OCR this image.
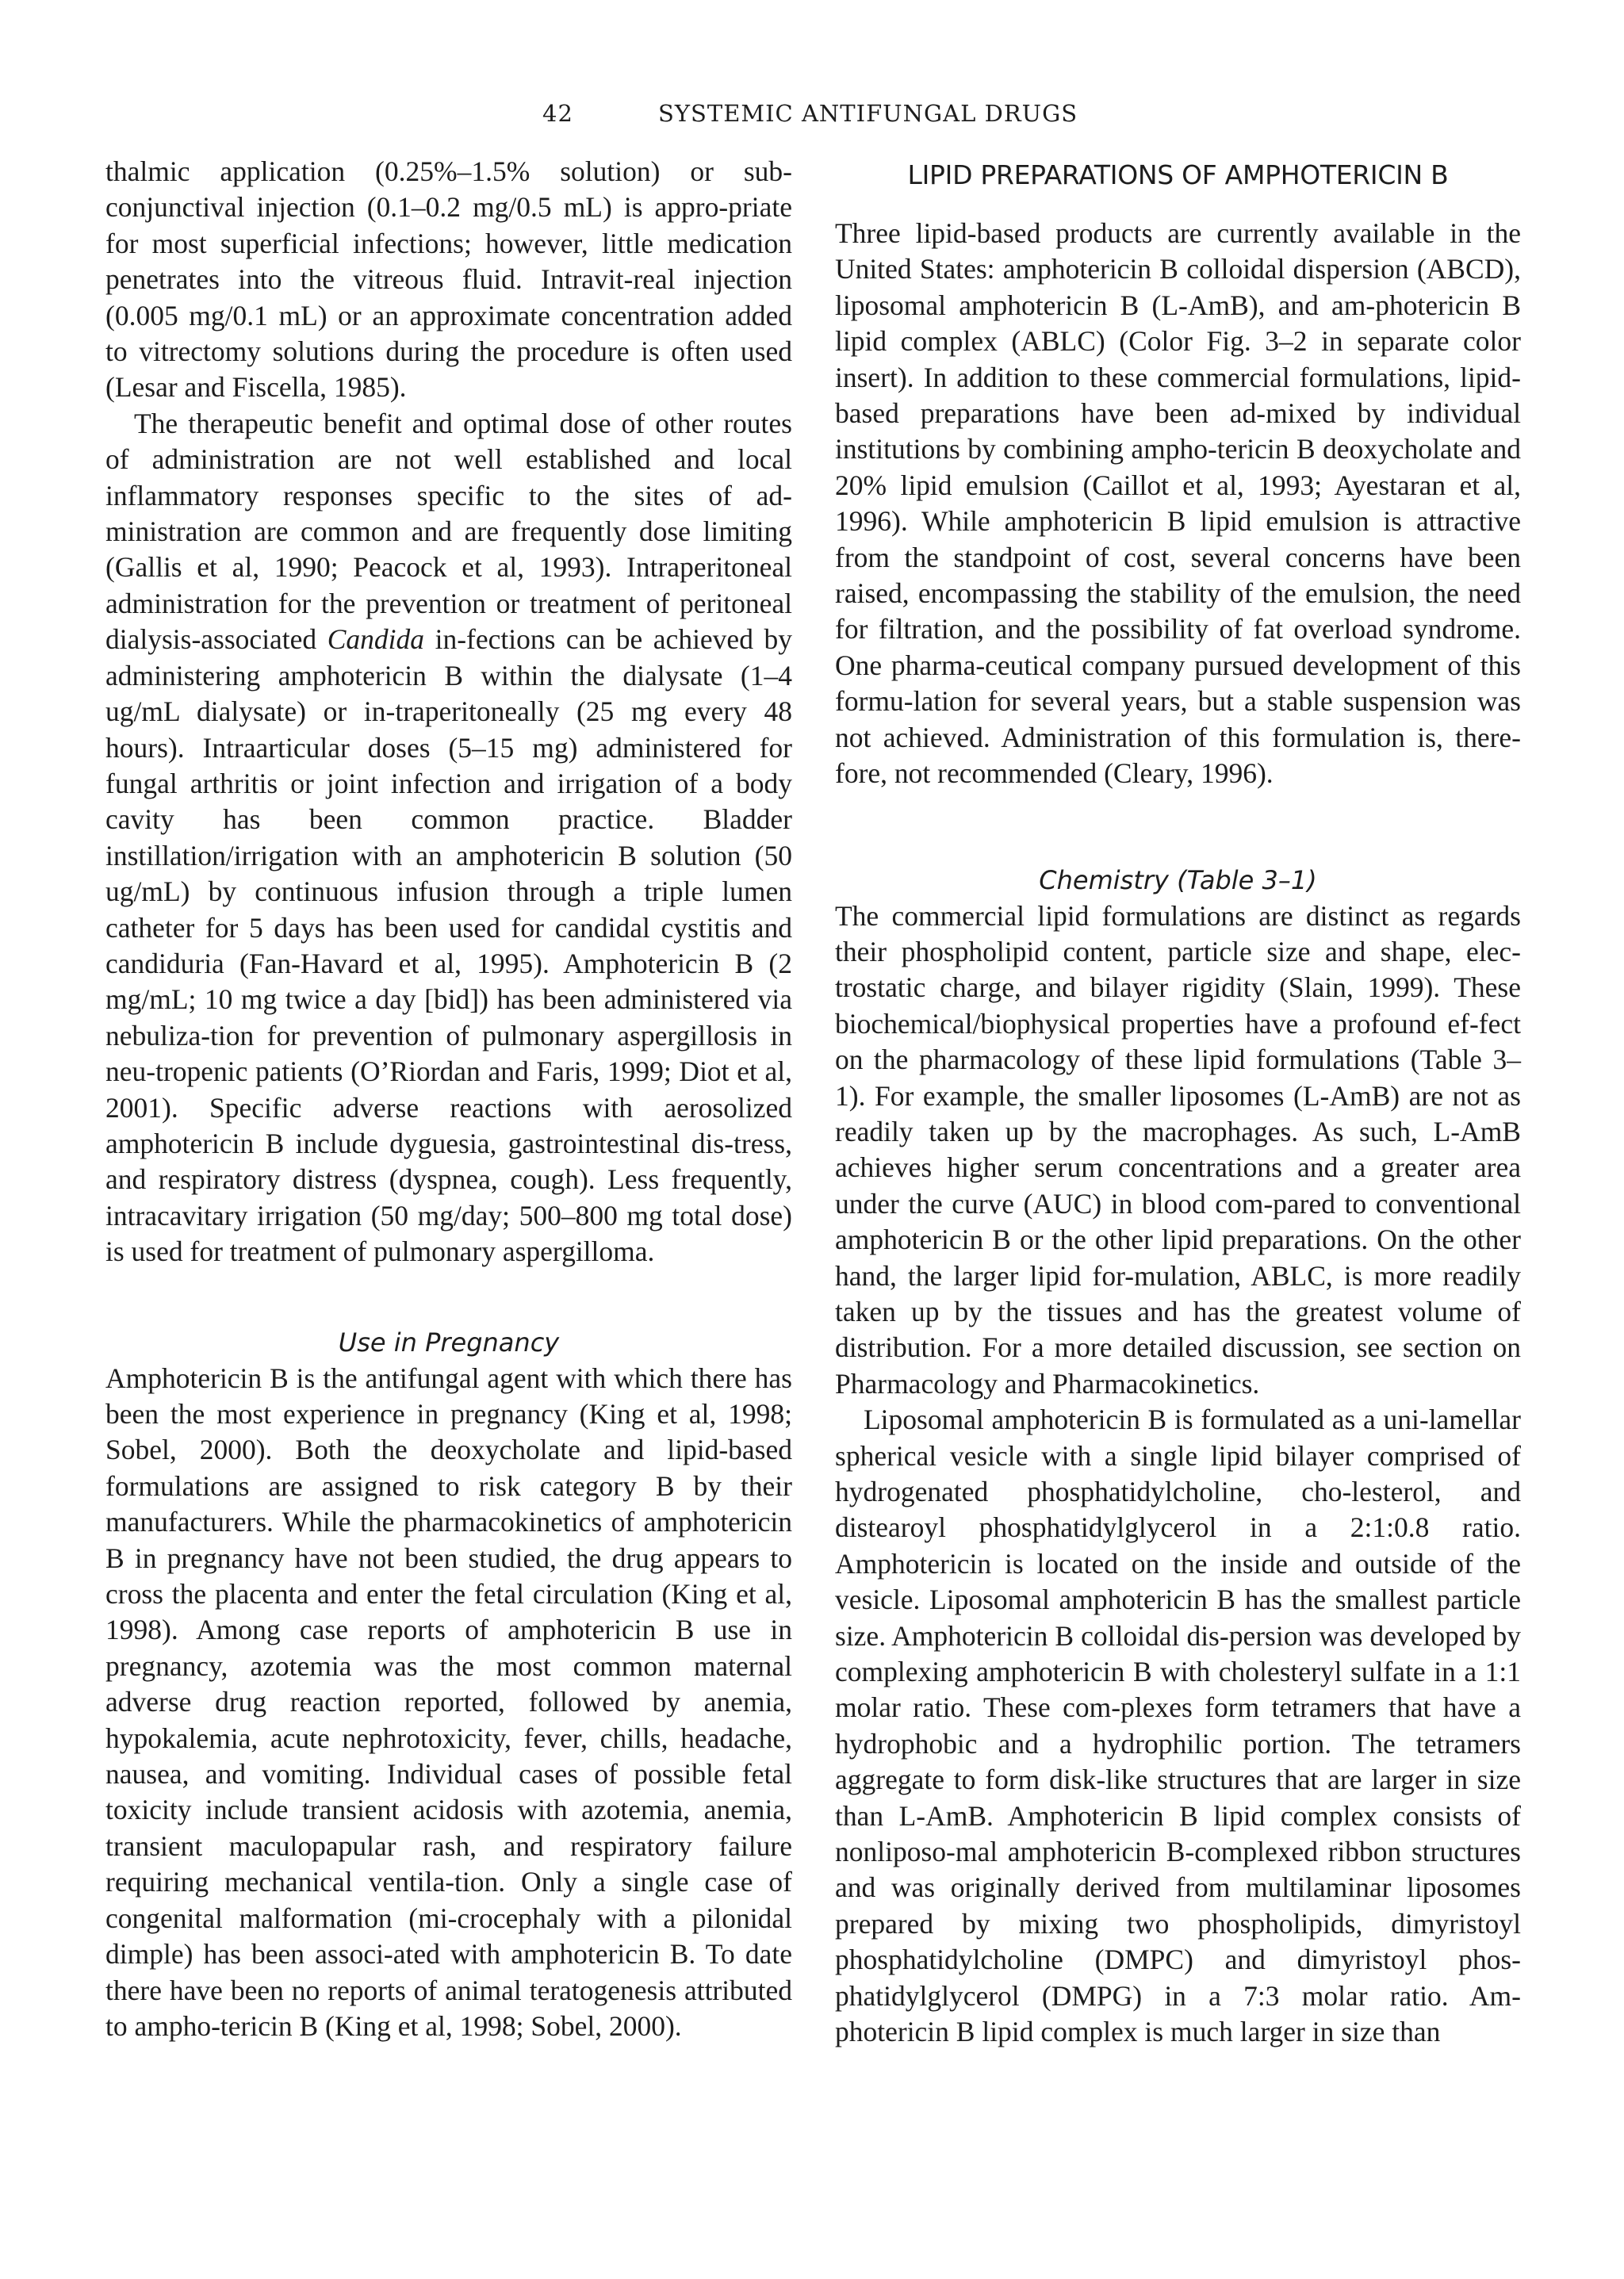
42	SYSTEMIC ANTIFUNGAL DRUGS

thalmic application (0.25%–1.5% solution) or sub-conjunctival injection (0.1–0.2 mg/0.5 mL) is appro-priate for most superficial infections; however, little medication penetrates into the vitreous fluid. Intravit-real injection (0.005 mg/0.1 mL) or an approximate concentration added to vitrectomy solutions during the procedure is often used (Lesar and Fiscella, 1985).

The therapeutic benefit and optimal dose of other routes of administration are not well established and local inflammatory responses specific to the sites of ad-ministration are common and are frequently dose limiting (Gallis et al, 1990; Peacock et al, 1993). Intraperitoneal administration for the prevention or treatment of peritoneal dialysis-associated Candida in-fections can be achieved by administering amphotericin B within the dialysate (1–4 ug/mL dialysate) or in-traperitoneally (25 mg every 48 hours). Intraarticular doses (5–15 mg) administered for fungal arthritis or joint infection and irrigation of a body cavity has been common practice. Bladder instillation/irrigation with an amphotericin B solution (50 ug/mL) by continuous infusion through a triple lumen catheter for 5 days has been used for candidal cystitis and candiduria (Fan-Havard et al, 1995). Amphotericin B (2 mg/mL; 10 mg twice a day [bid]) has been administered via nebuliza-tion for prevention of pulmonary aspergillosis in neu-tropenic patients (O’Riordan and Faris, 1999; Diot et al, 2001). Specific adverse reactions with aerosolized amphotericin B include dyguesia, gastrointestinal dis-tress, and respiratory distress (dyspnea, cough). Less frequently, intracavitary irrigation (50 mg/day; 500–800 mg total dose) is used for treatment of pulmonary aspergilloma.

Use in Pregnancy

Amphotericin B is the antifungal agent with which there has been the most experience in pregnancy (King et al, 1998; Sobel, 2000). Both the deoxycholate and lipid-based formulations are assigned to risk category B by their manufacturers. While the pharmacokinetics of amphotericin B in pregnancy have not been studied, the drug appears to cross the placenta and enter the fetal circulation (King et al, 1998). Among case reports of amphotericin B use in pregnancy, azotemia was the most common maternal adverse drug reaction reported, followed by anemia, hypokalemia, acute nephrotoxicity, fever, chills, headache, nausea, and vomiting. Individual cases of possible fetal toxicity include transient acidosis with azotemia, anemia, transient maculopapular rash, and respiratory failure requiring mechanical ventila-tion. Only a single case of congenital malformation (mi-crocephaly with a pilonidal dimple) has been associ-ated with amphotericin B. To date there have been no reports of animal teratogenesis attributed to ampho-tericin B (King et al, 1998; Sobel, 2000).

LIPID PREPARATIONS OF AMPHOTERICIN B

Three lipid-based products are currently available in the United States: amphotericin B colloidal dispersion (ABCD), liposomal amphotericin B (L-AmB), and am-photericin B lipid complex (ABLC) (Color Fig. 3–2 in separate color insert). In addition to these commercial formulations, lipid-based preparations have been ad-mixed by individual institutions by combining ampho-tericin B deoxycholate and 20% lipid emulsion (Caillot et al, 1993; Ayestaran et al, 1996). While amphotericin B lipid emulsion is attractive from the standpoint of cost, several concerns have been raised, encompassing the stability of the emulsion, the need for filtration, and the possibility of fat overload syndrome. One pharma-ceutical company pursued development of this formu-lation for several years, but a stable suspension was not achieved. Administration of this formulation is, there-fore, not recommended (Cleary, 1996).

Chemistry (Table 3–1)

The commercial lipid formulations are distinct as regards their phospholipid content, particle size and shape, elec-trostatic charge, and bilayer rigidity (Slain, 1999). These biochemical/biophysical properties have a profound ef-fect on the pharmacology of these lipid formulations (Table 3–1). For example, the smaller liposomes (L-AmB) are not as readily taken up by the macrophages. As such, L-AmB achieves higher serum concentrations and a greater area under the curve (AUC) in blood com-pared to conventional amphotericin B or the other lipid preparations. On the other hand, the larger lipid for-mulation, ABLC, is more readily taken up by the tissues and has the greatest volume of distribution. For a more detailed discussion, see section on Pharmacology and Pharmacokinetics.

Liposomal amphotericin B is formulated as a uni-lamellar spherical vesicle with a single lipid bilayer comprised of hydrogenated phosphatidylcholine, cho-lesterol, and distearoyl phosphatidylglycerol in a 2:1:0.8 ratio. Amphotericin is located on the inside and outside of the vesicle. Liposomal amphotericin B has the smallest particle size. Amphotericin B colloidal dis-persion was developed by complexing amphotericin B with cholesteryl sulfate in a 1:1 molar ratio. These com-plexes form tetramers that have a hydrophobic and a hydrophilic portion. The tetramers aggregate to form disk-like structures that are larger in size than L-AmB. Amphotericin B lipid complex consists of nonliposo-mal amphotericin B-complexed ribbon structures and was originally derived from multilaminar liposomes prepared by mixing two phospholipids, dimyristoyl phosphatidylcholine (DMPC) and dimyristoyl phos-phatidylglycerol (DMPG) in a 7:3 molar ratio. Am-photericin B lipid complex is much larger in size than
